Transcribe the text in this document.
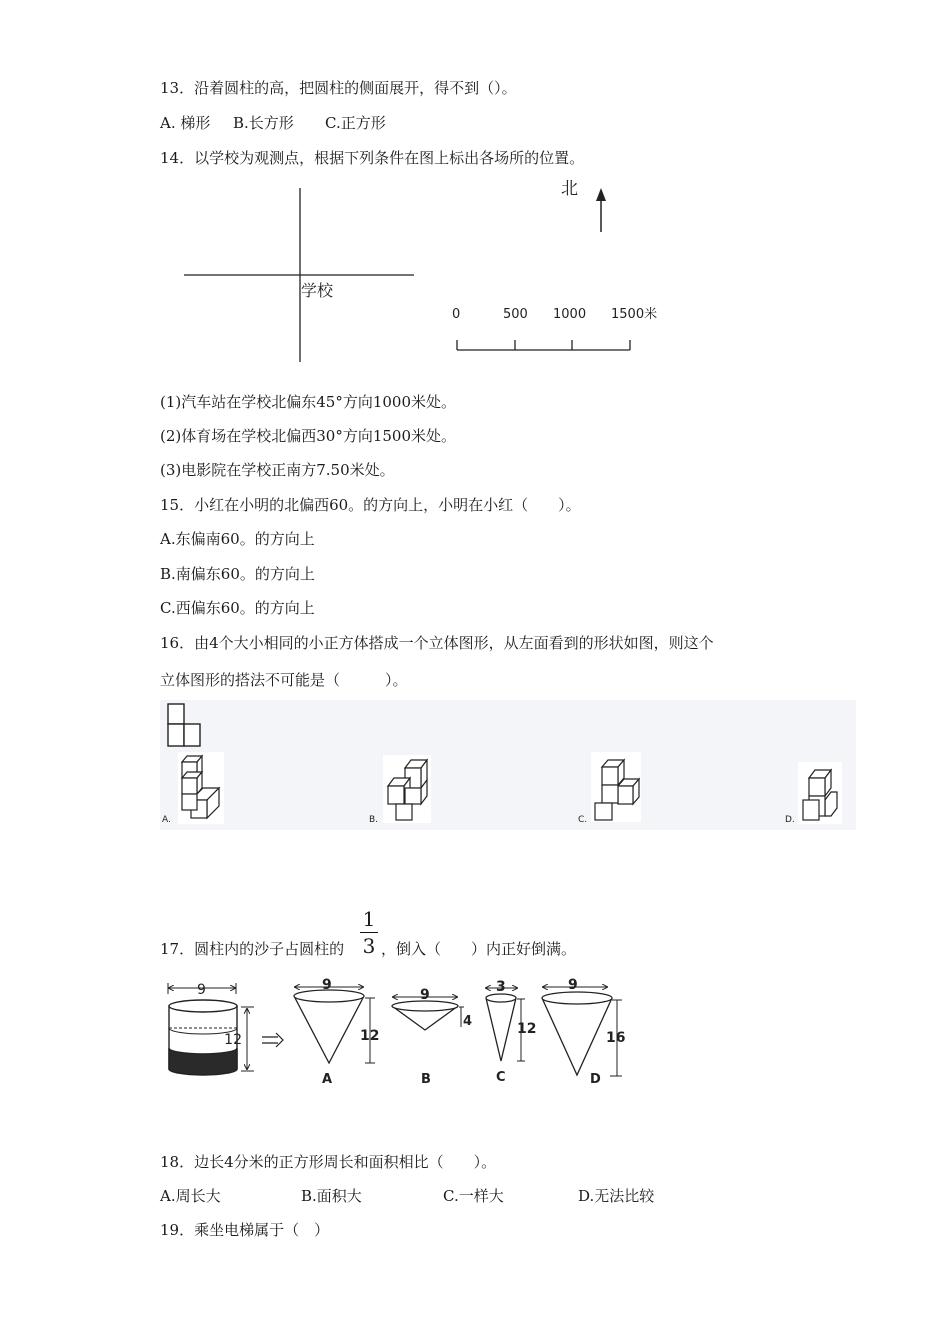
13．沿着圆柱的高，把圆柱的侧面展开，得不到（）。
A. 梯形 B.长方形 C.正方形
14．以学校为观测点，根据下列条件在图上标出各场所的位置。
学校
北
0	500 1000 1500米
(1)汽车站在学校北偏东45°方向1000米处。
(2)体育场在学校北偏西30°方向1500米处。
(3)电影院在学校正南方7.50米处。
15．小红在小明的北偏西60。的方向上，小明在小红（　　）。
A.东偏南60。的方向上
B.南偏东60。的方向上
C.西偏东60。的方向上
16．由4个大小相同的小正方体搭成一个立体图形，从左面看到的形状如图，则这个
立体图形的搭法不可能是（　　　）。
A.	B.	C.	D.
17．圆柱内的沙子占圆柱的
1
3 ，倒入（　　）内正好倒满。
9
12
9
12
A
9
4
B
3
12
C
9
16
D
18．边长4分米的正方形周长和面积相比（　　）。
A.周长大	B.面积大	C.一样大	D.无法比较
19．乘坐电梯属于（　）
